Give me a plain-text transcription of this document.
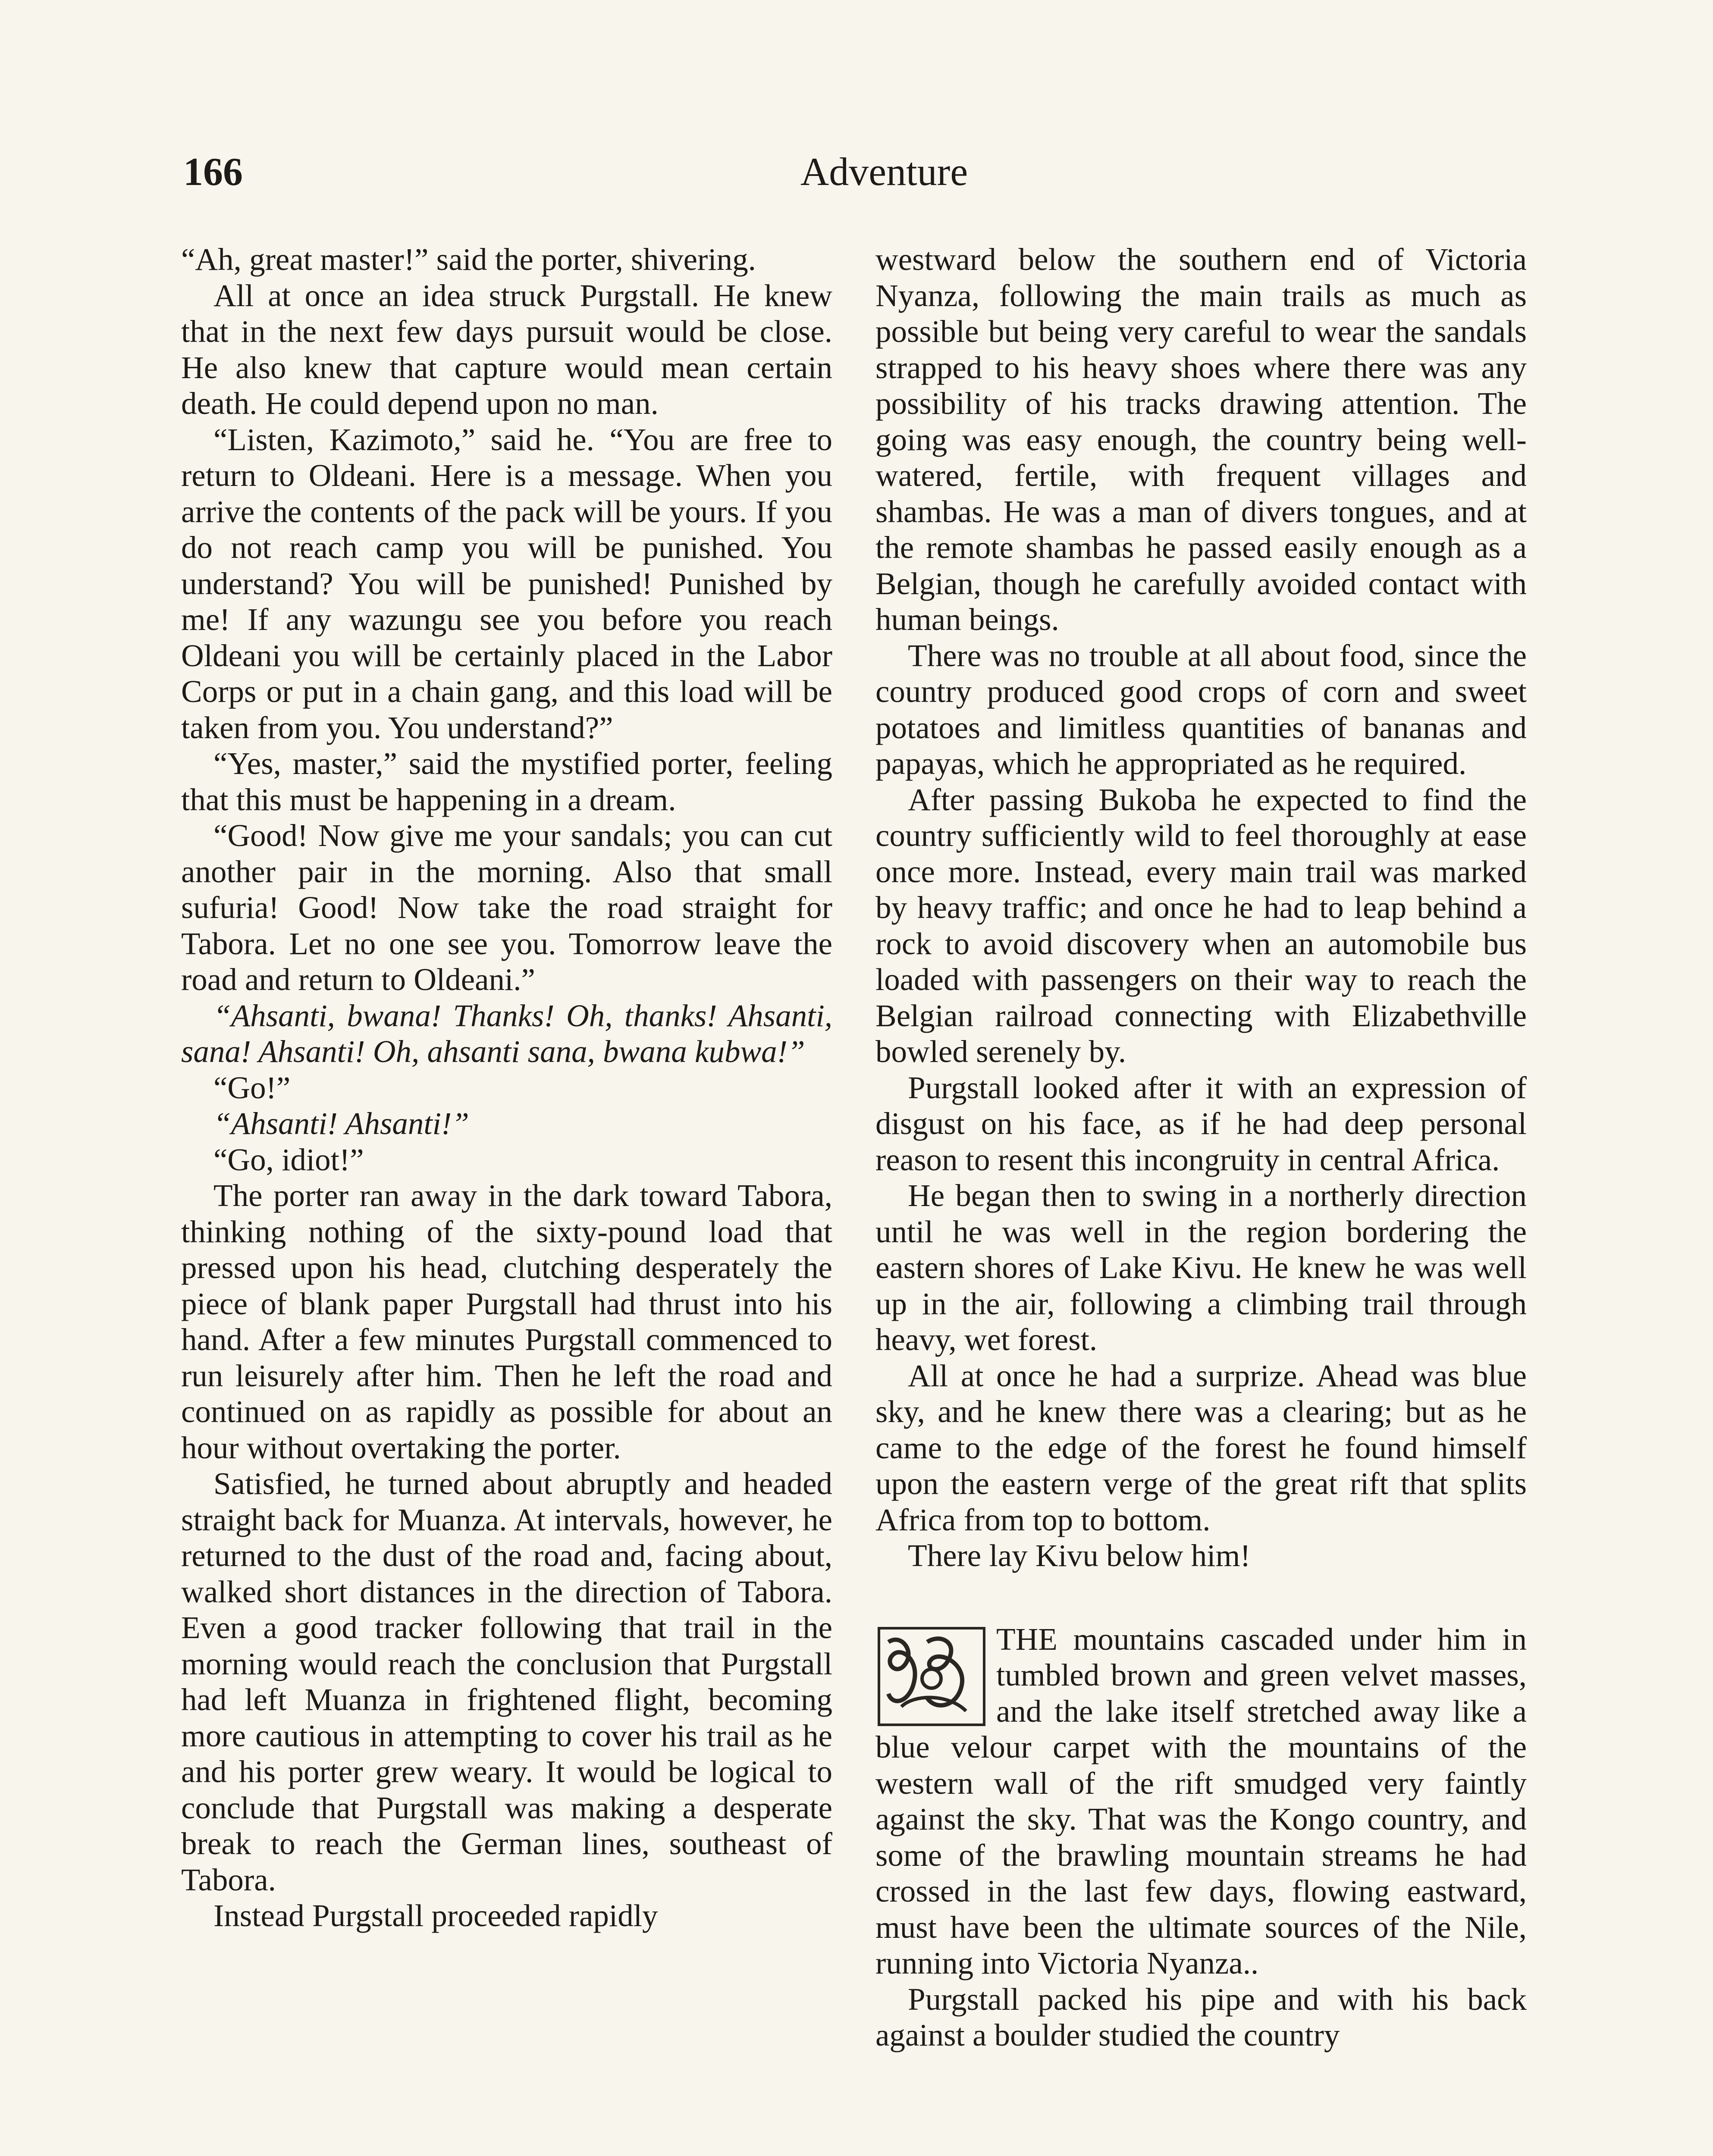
166	Adventure

“Ah, great master!” said the porter, shivering.

All at once an idea struck Purgstall. He knew that in the next few days pursuit would be close. He also knew that capture would mean certain death. He could depend upon no man.

“Listen, Kazimoto,” said he. “You are free to return to Oldeani. Here is a message. When you arrive the contents of the pack will be yours. If you do not reach camp you will be punished. You understand? You will be punished! Punished by me! If any wazungu see you before you reach Oldeani you will be certainly placed in the Labor Corps or put in a chain gang, and this load will be taken from you. You understand?”

“Yes, master,” said the mystified porter, feeling that this must be happening in a dream.

“Good! Now give me your sandals; you can cut another pair in the morning. Also that small sufuria! Good! Now take the road straight for Tabora. Let no one see you. Tomorrow leave the road and return to Oldeani.”

“Ahsanti, bwana! Thanks! Oh, thanks! Ahsanti, sana! Ahsanti! Oh, ahsanti sana, bwana kubwa!”

“Go!”

“Ahsanti! Ahsanti!”

“Go, idiot!”

The porter ran away in the dark toward Tabora, thinking nothing of the sixty-pound load that pressed upon his head, clutching desperately the piece of blank paper Purgstall had thrust into his hand. After a few minutes Purgstall commenced to run leisurely after him. Then he left the road and continued on as rapidly as possible for about an hour without overtaking the porter.

Satisfied, he turned about abruptly and headed straight back for Muanza. At intervals, however, he returned to the dust of the road and, facing about, walked short distances in the direction of Tabora. Even a good tracker following that trail in the morning would reach the conclusion that Purgstall had left Muanza in frightened flight, becoming more cautious in attempting to cover his trail as he and his porter grew weary. It would be logical to conclude that Purgstall was making a desperate break to reach the German lines, southeast of Tabora.

Instead Purgstall proceeded rapidly

westward below the southern end of Victoria Nyanza, following the main trails as much as possible but being very careful to wear the sandals strapped to his heavy shoes where there was any possibility of his tracks drawing attention. The going was easy enough, the country being well-watered, fertile, with frequent villages and shambas. He was a man of divers tongues, and at the remote shambas he passed easily enough as a Belgian, though he carefully avoided contact with human beings.

There was no trouble at all about food, since the country produced good crops of corn and sweet potatoes and limitless quantities of bananas and papayas, which he appropriated as he required.

After passing Bukoba he expected to find the country sufficiently wild to feel thoroughly at ease once more. Instead, every main trail was marked by heavy traffic; and once he had to leap behind a rock to avoid discovery when an automobile bus loaded with passengers on their way to reach the Belgian railroad connecting with Elizabethville bowled serenely by.

Purgstall looked after it with an expression of disgust on his face, as if he had deep personal reason to resent this incongruity in central Africa.

He began then to swing in a northerly direction until he was well in the region bordering the eastern shores of Lake Kivu. He knew he was well up in the air, following a climbing trail through heavy, wet forest.

All at once he had a surprize. Ahead was blue sky, and he knew there was a clearing; but as he came to the edge of the forest he found himself upon the eastern verge of the great rift that splits Africa from top to bottom.

There lay Kivu below him!

THE mountains cascaded under him in tumbled brown and green velvet masses, and the lake itself stretched away like a blue velour carpet with the mountains of the western wall of the rift smudged very faintly against the sky. That was the Kongo country, and some of the brawling mountain streams he had crossed in the last few days, flowing eastward, must have been the ultimate sources of the Nile, running into Victoria Nyanza..

Purgstall packed his pipe and with his back against a boulder studied the country
